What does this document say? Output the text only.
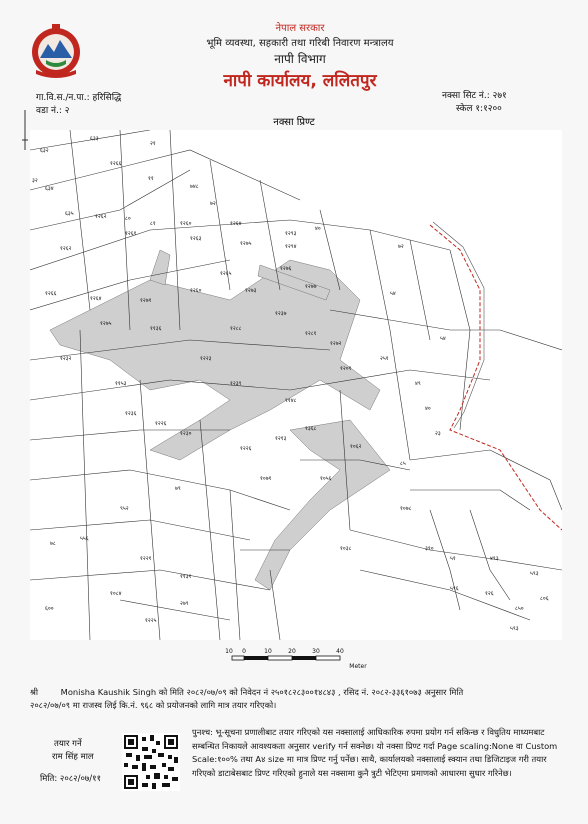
नेपाल सरकार
भूमि व्यवस्था, सहकारी तथा गरिबी निवारण मन्त्रालय
नापी विभाग
नापी कार्यालय, ललितपुर
गा.वि.स./न.पा.: हरिसिद्धि
वडा नं.: २
नक्सा सिट नं.: २७१
स्केल १:१२००
नक्सा प्रिण्ट
६३३
६३२
३२
६३४
१२६६
२१
११
७४८
७२
१२६४
६३५	१२६२	८०
८१
१२६१
१२६०
१२६३
१२७५	१२९४
१२९३
४०
७२
१२६२
१२६६
१२६४	१२७१
१२६०
१२६५
१२७३
१२७६
१२७७
५४
५४
१२७५
११३६	१२८८
१२३७
१२८१
१२७२
१२३२
११५३
१२३६
१२२६
१२३०
१२२३
१२३९
११४८
१२०१
२५१
१२२६
१२१३
१३६८
१०६२
१०५६
१०७१
८५
७९
९५२
७८
५५६
६००
१०८४
१२२१
११३१
२७९
१२२५
४९
४०
२३
१०७८
१०३८	३९०
५१	४९३
५९३
५९६
१२६
८५०
८०६
५९३
10 0	10	20	30	40
Meter
श्री	Monisha Kaushik Singh को मिति २०८२/०७/०९ को निवेदन नं २५०१८२८३००१४८४३ , रसिद नं. २०८२-३३६१०७३ अनुसार मिति
२०८२/०७/०९ मा राजस्व लिई कि.नं. ९६८ को प्रयोजनको लागि मात्र तयार गरिएको।
तयार गर्ने
राम सिंह माल
मिति: २०८२/०७/११
पुनश्च: भू-सूचना प्रणालीबाट तयार गरिएको यस नक्सालाई आधिकारिक रुपमा प्रयोग गर्न सकिन्छ र विधुतिय माध्यमबाट सम्बन्धित निकायले आवश्यकता अनुसार verify गर्न सक्नेछ। यो नक्सा प्रिण्ट गर्दा Page scaling:None वा Custom Scale:१००% तथा A४ size मा मात्र प्रिण्ट गर्नु पर्नेछ। साथै, कार्यालयको नक्सालाई स्क्यान तथा डिजिटाइज गरी तयार गरिएको डाटाबेसबाट प्रिण्ट गरिएको हुनाले यस नक्सामा कुनै त्रुटी भेटिएमा प्रमाणको आधारमा सुधार गरिनेछ।
